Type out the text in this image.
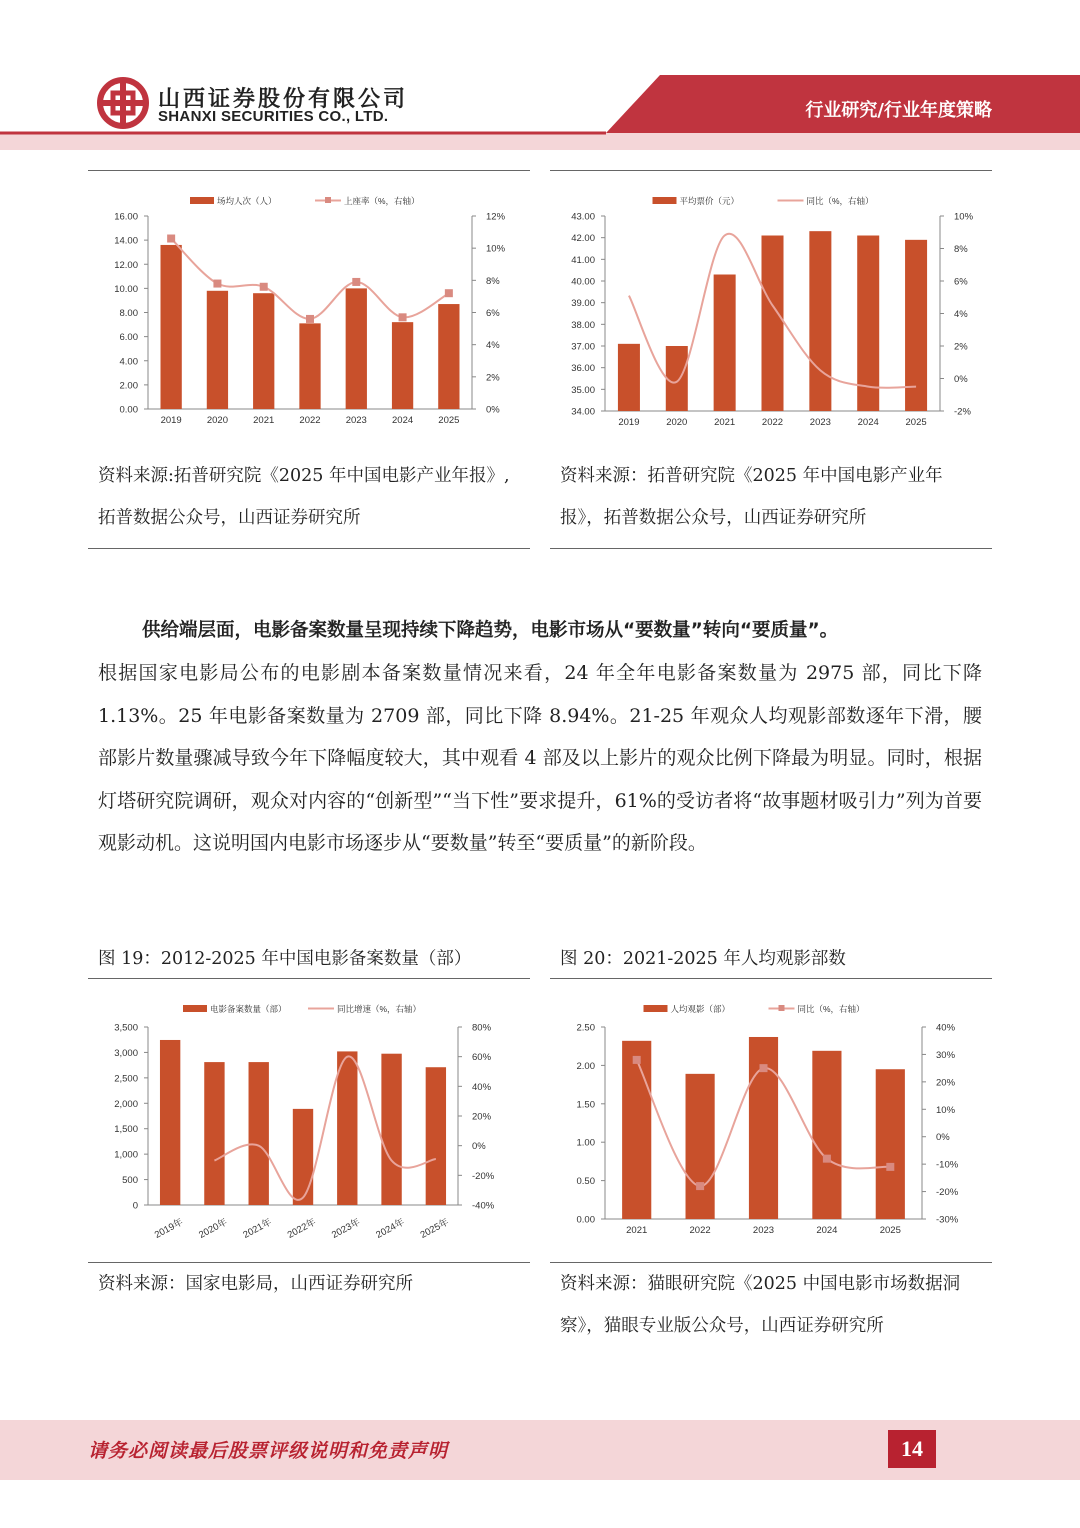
山西证券股份有限公司
SHANXI SECURITIES CO., LTD.	行业研究/行业年度策略
0.00
2.00
4.00
6.00
8.00
10.00
12.00
14.00
16.00
0%
2%
4%
6%
8%
10%
12%
2019	2020	2021	2022	2023	2024	2025
场均人次（人）	上座率（%，右轴）
资料来源:拓普研究院《2025 年中国电影产业年报》,
拓普数据公众号，山西证券研究所
34.00
35.00
36.00
37.00
38.00
39.00
40.00
41.00
42.00
43.00
-2%
0%
2%
4%
6%
8%
10%
2019	2020	2021	2022	2023	2024	2025
平均票价（元）	同比（%，右轴）
资料来源：拓普研究院《2025 年中国电影产业年
报》，拓普数据公众号，山西证券研究所

供给端层面，电影备案数量呈现持续下降趋势，电影市场从“要数量”转向“要质量”。
根据国家电影局公布的电影剧本备案数量情况来看，24 年全年电影备案数量为 2975 部，同比下降 1.13%。25 年电影备案数量为 2709 部，同比下降 8.94%。21-25 年观众人均观影部数逐年下滑，腰部影片数量骤减导致今年下降幅度较大，其中观看 4 部及以上影片的观众比例下降最为明显。同时，根据灯塔研究院调研，观众对内容的“创新型”“当下性”要求提升，61%的受访者将“故事题材吸引力”列为首要观影动机。这说明国内电影市场逐步从“要数量”转至“要质量”的新阶段。

图 19：2012-2025 年中国电影备案数量（部）	图 20：2021-2025 年人均观影部数
0
500
1,000
1,500
2,000
2,500
3,000
3,500
-40%
-20%
0%
20%
40%
60%
80%
2019年 2020年 2021年 2022年 2023年 2024年 2025年
电影备案数量（部）	同比增速（%，右轴）
资料来源：国家电影局，山西证券研究所
0.00
0.50
1.00
1.50
2.00
2.50
-30%
-20%
-10%
0%
10%
20%
30%
40%
2021	2022	2023	2024	2025
人均观影（部）	同比（%，右轴）
资料来源：猫眼研究院《2025 中国电影市场数据洞
察》，猫眼专业版公众号，山西证券研究所
请务必阅读最后股票评级说明和免责声明	14
